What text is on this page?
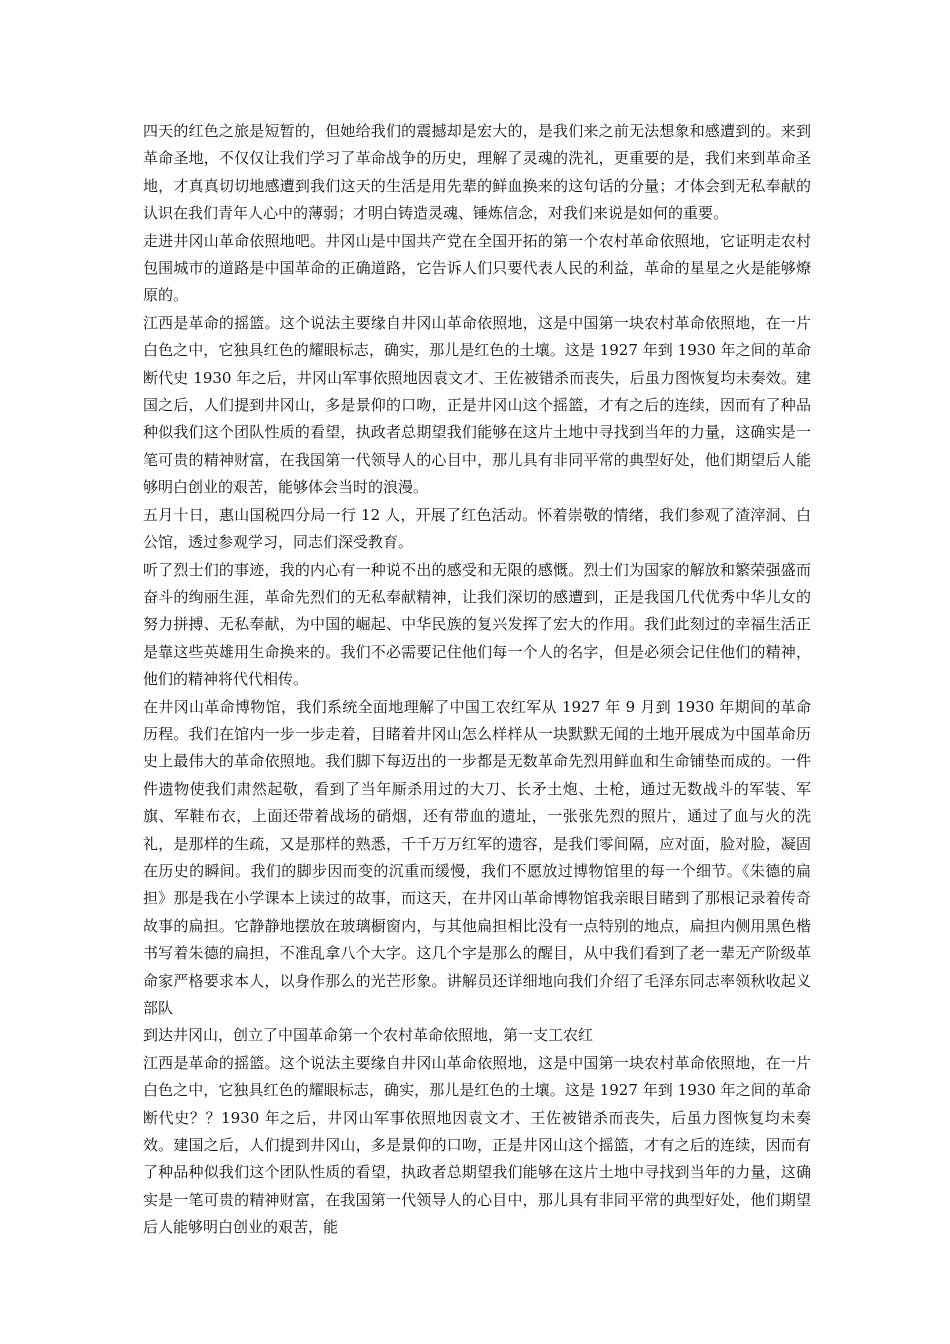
四天的红色之旅是短暂的，但她给我们的震撼却是宏大的，是我们来之前无法想象和感遭到的。来到革命圣地，不仅仅让我们学习了革命战争的历史，理解了灵魂的洗礼，更重要的是，我们来到革命圣地，才真真切切地感遭到我们这天的生活是用先辈的鲜血换来的这句话的分量；才体会到无私奉献的认识在我们青年人心中的薄弱；才明白铸造灵魂、锤炼信念，对我们来说是如何的重要。

走进井冈山革命依照地吧。井冈山是中国共产党在全国开拓的第一个农村革命依照地，它证明走农村包围城市的道路是中国革命的正确道路，它告诉人们只要代表人民的利益，革命的星星之火是能够燎原的。

江西是革命的摇篮。这个说法主要缘自井冈山革命依照地，这是中国第一块农村革命依照地，在一片白色之中，它独具红色的耀眼标志，确实，那儿是红色的土壤。这是 1927 年到 1930 年之间的革命断代史 1930 年之后，井冈山军事依照地因袁文才、王佐被错杀而丧失，后虽力图恢复均未奏效。建国之后，人们提到井冈山，多是景仰的口吻，正是井冈山这个摇篮，才有之后的连续，因而有了种品种似我们这个团队性质的看望，执政者总期望我们能够在这片土地中寻找到当年的力量，这确实是一笔可贵的精神财富，在我国第一代领导人的心目中，那儿具有非同平常的典型好处，他们期望后人能够明白创业的艰苦，能够体会当时的浪漫。

五月十日，惠山国税四分局一行 12 人，开展了红色活动。怀着崇敬的情绪，我们参观了渣滓洞、白公馆，透过参观学习，同志们深受教育。

听了烈士们的事迹，我的内心有一种说不出的感受和无限的感慨。烈士们为国家的解放和繁荣强盛而奋斗的绚丽生涯，革命先烈们的无私奉献精神，让我们深切的感遭到，正是我国几代优秀中华儿女的努力拼搏、无私奉献，为中国的崛起、中华民族的复兴发挥了宏大的作用。我们此刻过的幸福生活正是靠这些英雄用生命换来的。我们不必需要记住他们每一个人的名字，但是必须会记住他们的精神，他们的精神将代代相传。

在井冈山革命博物馆，我们系统全面地理解了中国工农红军从 1927 年 9 月到 1930 年期间的革命历程。我们在馆内一步一步走着，目睹着井冈山怎么样样从一块默默无闻的土地开展成为中国革命历史上最伟大的革命依照地。我们脚下每迈出的一步都是无数革命先烈用鲜血和生命铺垫而成的。一件件遗物使我们肃然起敬，看到了当年厮杀用过的大刀、长矛土炮、土枪，通过无数战斗的军装、军旗、军鞋布衣，上面还带着战场的硝烟，还有带血的遗址，一张张先烈的照片，通过了血与火的洗礼，是那样的生疏，又是那样的熟悉，千千万万红军的遗容，是我们零间隔，应对面，脸对脸，凝固在历史的瞬间。我们的脚步因而变的沉重而缓慢，我们不愿放过博物馆里的每一个细节。《朱德的扁担》那是我在小学课本上读过的故事，而这天，在井冈山革命博物馆我亲眼目睹到了那根记录着传奇故事的扁担。它静静地摆放在玻璃橱窗内，与其他扁担相比没有一点特别的地点，扁担内侧用黑色楷书写着朱德的扁担，不准乱拿八个大字。这几个字是那么的醒目，从中我们看到了老一辈无产阶级革命家严格要求本人，以身作那么的光芒形象。讲解员还详细地向我们介绍了毛泽东同志率领秋收起义部队

到达井冈山，创立了中国革命第一个农村革命依照地，第一支工农红

江西是革命的摇篮。这个说法主要缘自井冈山革命依照地，这是中国第一块农村革命依照地，在一片白色之中，它独具红色的耀眼标志，确实，那儿是红色的土壤。这是 1927 年到 1930 年之间的革命断代史？？1930 年之后，井冈山军事依照地因袁文才、王佐被错杀而丧失，后虽力图恢复均未奏效。建国之后，人们提到井冈山，多是景仰的口吻，正是井冈山这个摇篮，才有之后的连续，因而有了种品种似我们这个团队性质的看望，执政者总期望我们能够在这片土地中寻找到当年的力量，这确实是一笔可贵的精神财富，在我国第一代领导人的心目中，那儿具有非同平常的典型好处，他们期望后人能够明白创业的艰苦，能
